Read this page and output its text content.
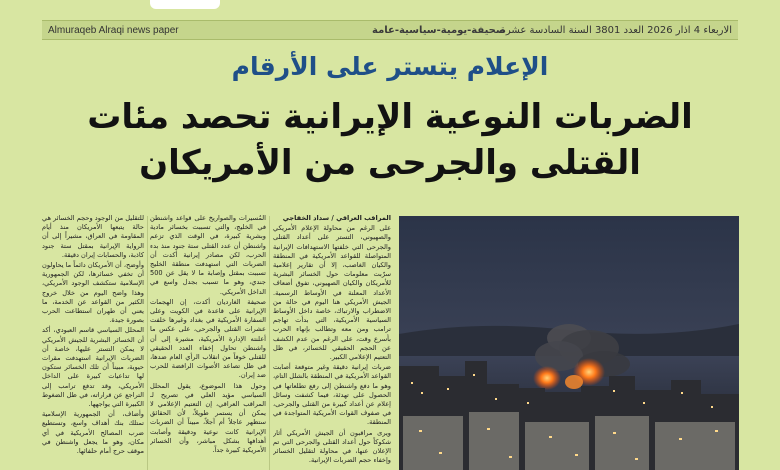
Almuraqeb Alraqi news paper	صحيفة-يومية-سياسية-عامة
الاربعاء 4 اذار 2026 العدد 3801 السنة السادسة عشرة
الإعلام يتستر على الأرقام
الضربات النوعية الإيرانية تحصد مئات
القتلى والجرحى من الأمريكان

المراقب العراقي / سداد الخفاجي

على الرغم من محاولة الإعلام الأمريكي والصهيوني، التستر على أعداد القتلى والجرحى التي خلفتها الاستهدافات الإيرانية المتواصلة للقواعد الأمريكية في المنطقة والكيان الغاصب، إلا أن تقارير إعلامية سرّبت معلومات حول الخسائر البشرية للأمريكان والكيان الصهيوني، تفوق أضعاف الأعداد المعلنة في الأوساط الرسمية. الجيش الأمريكي هنا اليوم في حالة من الاضطراب والارتباك، خاصة داخل الأوساط السياسية الأمريكية، التي بدأت تهاجم ترامب ومن معه وتطالب بإنهاء الحرب بأسرع وقت، على الرغم من عدم الكشف عن الحجم الحقيقي للخسائر، في ظل التعتيم الإعلامي الكبير.

ضربات إيرانية دقيقة وغير متوقعة أصابت القواعد الأمريكية في المنطقة بالشلل التام، وهو ما دفع واشنطن إلى رفع تطلعاتها في الحصول على تهدئة، فيما كشفت وسائل إعلام عن أعداد كبيرة من القتلى والجرحى، في صفوف القوات الأمريكية المتواجدة في المنطقة.

ويرى مراقبون أن الجيش الأمريكي أثار شكوكاً حول أعداد القتلى والجرحى التي تم الإعلان عنها، في محاولة لتقليل الخسائر وإخفاء حجم الضربات الإيرانية.

المُسيرات والصواريخ على قواعد واشنطن في الخليج، والتي تسببت بخسائر مادية وبشرية كبيرة، في الوقت الذي تزعم واشنطن أن عدد القتلى ستة جنود منذ بدء الحرب، لكن مصادر إيرانية أكدت أن الضربات التي استهدفت منطقة الخليج تسببت بمقتل وإصابة ما لا يقل عن 500 جندي، وهو ما تسبب بجدل واسع في الداخل الأمريكي.

صحيفة الغارديان أكدت، إن الهجمات الإيرانية على قاعدة في الكويت وعلى السفارة الأمريكية في بغداد وغيرها خلفت عشرات القتلى والجرحى، على عكس ما أعلنته الإدارة الأمريكية، مشيرة إلى أن واشنطن تحاول إخفاء العدد الحقيقي للقتلى خوفاً من انقلاب الرأي العام ضدها، في ظل تصاعد الأصوات الرافضة للحرب ضد إيران.

وحول هذا الموضوع، يقول المحلل السياسي مؤيد العلي في تصريح لـ المراقب العراقي، إن التعتيم الإعلامي لا يمكن أن يستمر طويلاً، لأن الحقائق ستظهر عاجلاً أم آجلاً، مبيناً أن الضربات الإيرانية كانت نوعية ودقيقة وأصابت أهدافها بشكل مباشر، وأن الخسائر الأمريكية كبيرة جداً.

للتقليل من الوجود وحجم الخسائر هي حالة يتبعها الأمريكان منذ أيام المقاومة في العراق، مشيراً إلى أن الرواية الإيرانية بمقتل ستة جنود كاذبة، والحسابات إيران دقيقة.

وأوضح، أن الأمريكان دائماً ما يحاولون أن تخفي خسائرها، لكن الجمهورية الإسلامية ستكشف الوجود الأمريكي، وهذا واضح اليوم من خلال خروج الكثير من القواعد عن الخدمة، ما يعني أن طهران استطاعت الحرب بصورة جيدة.

المحلل السياسي قاسم العبودي، أكد أن الخسائر البشرية للجيش الأمريكي لا يمكن التستر عليها، خاصة أن الضربات الإيرانية استهدفت مقرات حيوية، مبيناً أن تلك الخسائر ستكون لها تداعيات كبيرة على الداخل الأمريكي، وقد تدفع ترامب إلى التراجع عن قراراته، في ظل الضغوط الكبيرة التي يواجهها.

وأضاف، أن الجمهورية الإسلامية تمتلك بنك أهداف واسع، وتستطيع ضرب المصالح الأمريكية في أي مكان، وهو ما يجعل واشنطن في موقف حرج أمام حلفائها.
